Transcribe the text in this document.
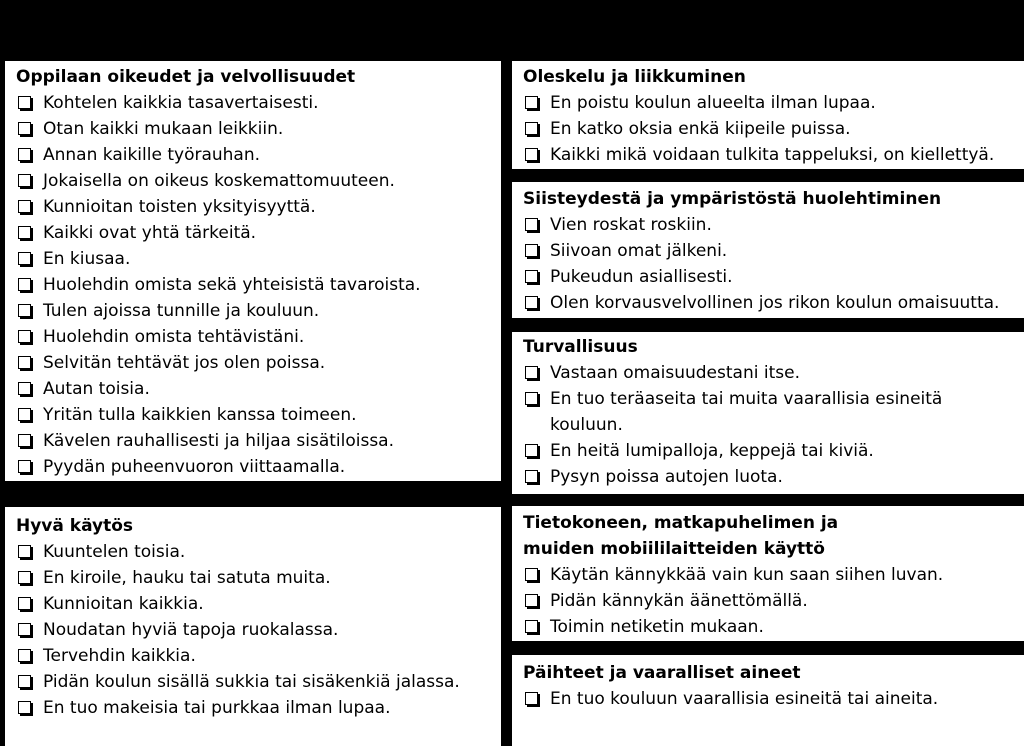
Oppilaan oikeudet ja velvollisuudet
Kohtelen kaikkia tasavertaisesti.
Otan kaikki mukaan leikkiin.
Annan kaikille työrauhan.
Jokaisella on oikeus koskemattomuuteen.
Kunnioitan toisten yksityisyyttä.
Kaikki ovat yhtä tärkeitä.
En kiusaa.
Huolehdin omista sekä yhteisistä tavaroista.
Tulen ajoissa tunnille ja kouluun.
Huolehdin omista tehtävistäni.
Selvitän tehtävät jos olen poissa.
Autan toisia.
Yritän tulla kaikkien kanssa toimeen.
Kävelen rauhallisesti ja hiljaa sisätiloissa.
Pyydän puheenvuoron viittaamalla.
Hyvä käytös
Kuuntelen toisia.
En kiroile, hauku tai satuta muita.
Kunnioitan kaikkia.
Noudatan hyviä tapoja ruokalassa.
Tervehdin kaikkia.
Pidän koulun sisällä sukkia tai sisäkenkiä jalassa.
En tuo makeisia tai purkkaa ilman lupaa.
Oleskelu ja liikkuminen
En poistu koulun alueelta ilman lupaa.
En katko oksia enkä kiipeile puissa.
Kaikki mikä voidaan tulkita tappeluksi, on kiellettyä.
Siisteydestä ja ympäristöstä huolehtiminen
Vien roskat roskiin.
Siivoan omat jälkeni.
Pukeudun asiallisesti.
Olen korvausvelvollinen jos rikon koulun omaisuutta.
Turvallisuus
Vastaan omaisuudestani itse.
En tuo teräaseita tai muita vaarallisia esineitä kouluun.
En heitä lumipalloja, keppejä tai kiviä.
Pysyn poissa autojen luota.
Tietokoneen, matkapuhelimen ja muiden mobiililaitteiden käyttö
Käytän kännykkää vain kun saan siihen luvan.
Pidän kännykän äänettömällä.
Toimin netiketin mukaan.
Päihteet ja vaaralliset aineet
En tuo kouluun vaarallisia esineitä tai aineita.
